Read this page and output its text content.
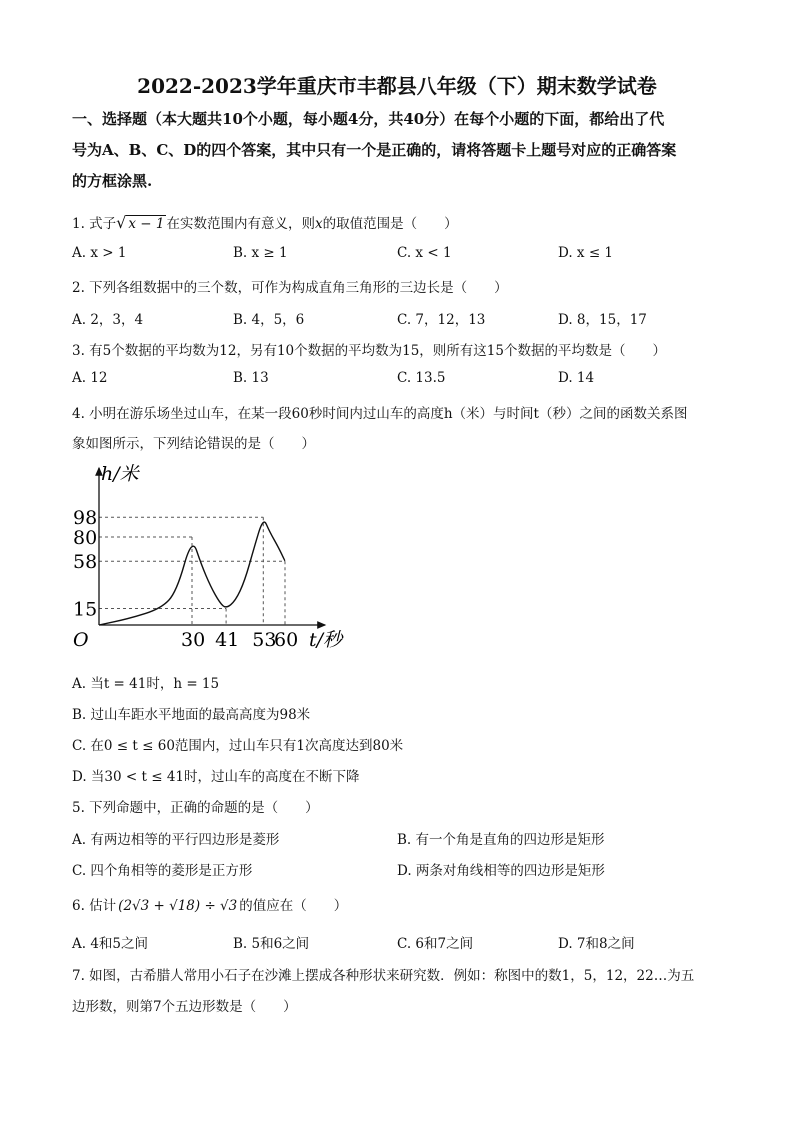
2022-2023学年重庆市丰都县八年级（下）期末数学试卷
一、选择题（本大题共10个小题，每小题4分，共40分）在每个小题的下面，都给出了代
号为A、B、C、D的四个答案，其中只有一个是正确的，请将答题卡上题号对应的正确答案
的方框涂黑.
1. 式子√ x − 1 在实数范围内有意义，则x的取值范围是（　　）
A. x > 1	B. x ≥ 1	C. x < 1	D. x ≤ 1
2. 下列各组数据中的三个数，可作为构成直角三角形的三边长是（　　）
A. 2，3，4	B. 4，5，6	C. 7，12，13	D. 8，15，17
3. 有5个数据的平均数为12，另有10个数据的平均数为15，则所有这15个数据的平均数是（　　）
A. 12	B. 13	C. 13.5	D. 14
4. 小明在游乐场坐过山车，在某一段60秒时间内过山车的高度h（米）与时间t（秒）之间的函数关系图
象如图所示，下列结论错误的是（　　）
30 41 53
60
98
80
58
15
h/米
t/秒
O
A. 当t = 41时，h = 15
B. 过山车距水平地面的最高高度为98米
C. 在0 ≤ t ≤ 60范围内，过山车只有1次高度达到80米
D. 当30 < t ≤ 41时，过山车的高度在不断下降
5. 下列命题中，正确的命题的是（　　）
A. 有两边相等的平行四边形是菱形	B. 有一个角是直角的四边形是矩形
C. 四个角相等的菱形是正方形	D. 两条对角线相等的四边形是矩形
6. 估计 (2√3 + √18) ÷ √3 的值应在（　　）
A. 4和5之间	B. 5和6之间	C. 6和7之间	D. 7和8之间
7. 如图，古希腊人常用小石子在沙滩上摆成各种形状来研究数．例如：称图中的数1，5，12，22…为五
边形数，则第7个五边形数是（　　）
